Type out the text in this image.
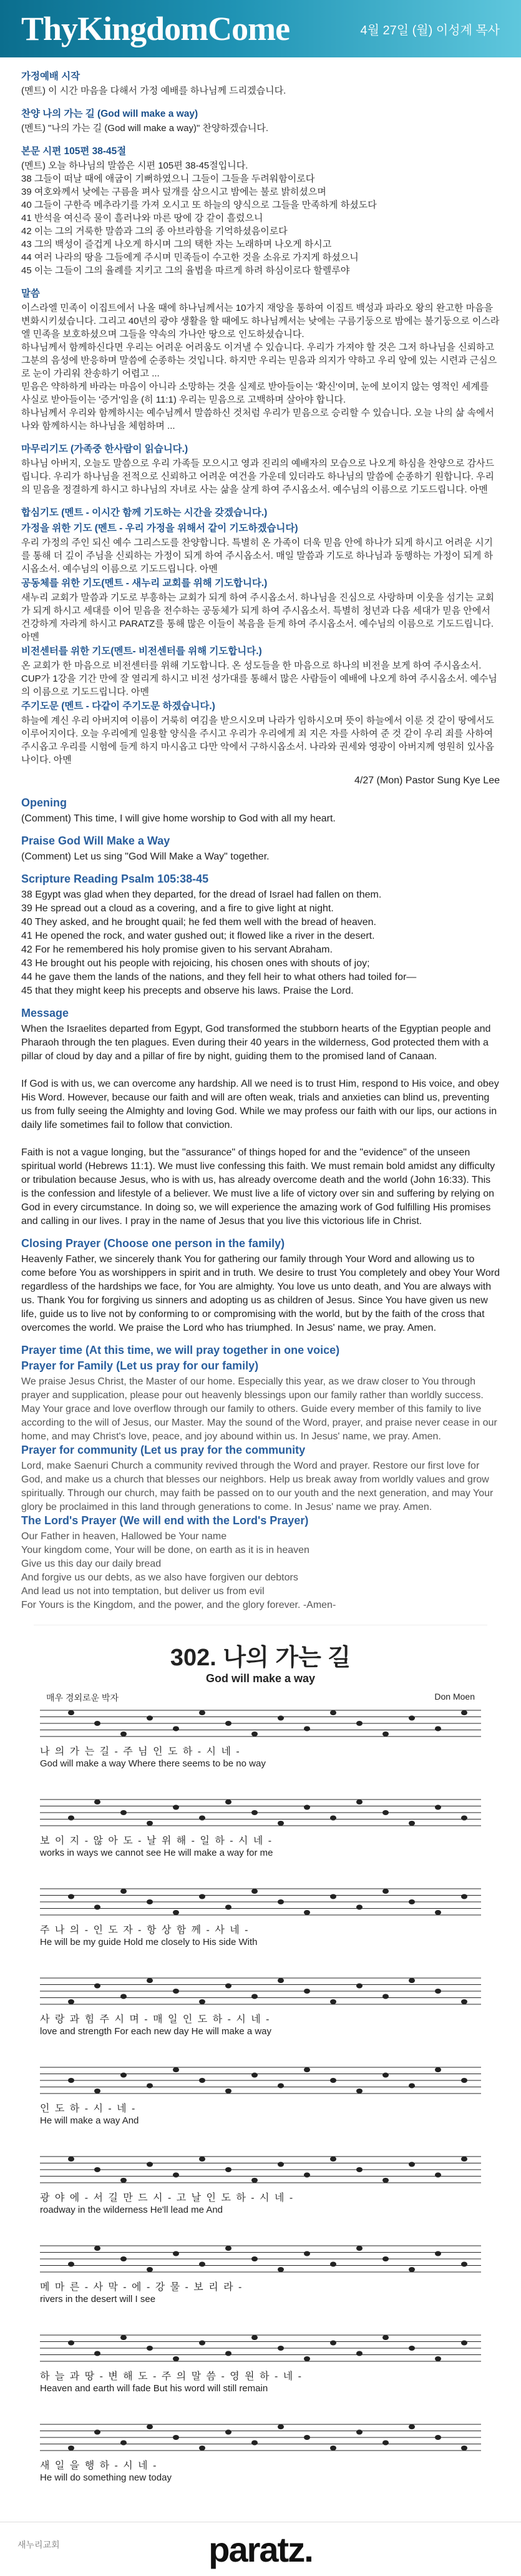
ThyKingdomCome	4월 27일 (월) 이성계 목사

가정예배 시작

(멘트) 이 시간 마음을 다해서 가정 예배를 하나님께 드리겠습니다.

찬양 나의 가는 길 (God will make a way)

(멘트) "나의 가는 길 (God will make a way)" 찬양하겠습니다.

본문 시편 105편 38-45절

(멘트) 오늘 하나님의 말씀은 시편 105편 38-45절입니다.
38 그들이 떠날 때에 애굽이 기뻐하였으니 그들이 그들을 두려워함이로다
39 여호와께서 낮에는 구름을 펴사 덮개를 삼으시고 밤에는 불로 밝히셨으며
40 그들이 구한즉 메추라기를 가져 오시고 또 하늘의 양식으로 그들을 만족하게 하셨도다
41 반석을 여신즉 물이 흘러나와 마른 땅에 강 같이 흘렀으니
42 이는 그의 거룩한 말씀과 그의 종 아브라함을 기억하셨음이로다
43 그의 백성이 즐겁게 나오게 하시며 그의 택한 자는 노래하며 나오게 하시고
44 여러 나라의 땅을 그들에게 주시며 민족들이 수고한 것을 소유로 가지게 하셨으니
45 이는 그들이 그의 율례를 지키고 그의 율법을 따르게 하려 하심이로다 할렐루야

말씀

이스라엘 민족이 이집트에서 나올 때에 하나님께서는 10가지 재앙을 통하여 이집트 백성과 파라오 왕의 완고한 마음을 변화시키셨습니다. 그리고 40년의 광야 생활을 할 때에도 하나님께서는 낮에는 구름기둥으로 밤에는 불기둥으로 이스라엘 민족을 보호하셨으며 그들을 약속의 가나안 땅으로 인도하셨습니다.
하나님께서 함께하신다면 우리는 어려운 어려움도 이겨낼 수 있습니다. 우리가 가져야 할 것은 그저 하나님을 신뢰하고 그분의 음성에 반응하며 말씀에 순종하는 것입니다. 하지만 우리는 믿음과 의지가 약하고 우리 앞에 있는 시련과 근심으로 눈이 가리워 찬송하기 어렵고 ...
믿음은 약하하게 바라는 마음이 아니라 소망하는 것을 실제로 받아들이는 '확신'이며, 눈에 보이지 않는 영적인 세계를 사실로 받아들이는 '증거'임을 (히 11:1) 우리는 믿음으로 고백하며 살아야 합니다.
하나님께서 우리와 함께하시는 예수님께서 말씀하신 것처럼 우리가 믿음으로 승리할 수 있습니다. 오늘 나의 삶 속에서 나와 함께하시는 하나님을 체험하며 ...

마무리기도 (가족중 한사람이 읽습니다.)

하나님 아버지, 오늘도 말씀으로 우리 가족들 모으시고 영과 진리의 예배자의 모습으로 나오게 하심을 찬양으로 감사드립니다. 우리가 하나님을 전적으로 신뢰하고 어려운 여건을 가운데 있더라도 하나님의 말씀에 순종하기 원합니다. 우리의 믿음을 정결하게 하시고 하나님의 자녀로 사는 삶을 살게 하여 주시옵소서. 예수님의 이름으로 기도드립니다. 아멘

합심기도 (멘트 - 이시간 함께 기도하는 시간을 갖겠습니다.)

가정을 위한 기도 (멘트 - 우리 가정을 위해서 같이 기도하겠습니다)

우리 가정의 주인 되신 예수 그리스도를 찬양합니다. 특별히 온 가족이 더욱 믿음 안에 하나가 되게 하시고 어려운 시기를 통해 더 깊이 주님을 신뢰하는 가정이 되게 하여 주시옵소서. 매일 말씀과 기도로 하나님과 동행하는 가정이 되게 하시옵소서. 예수님의 이름으로 기도드립니다. 아멘

공동체를 위한 기도(멘트 - 새누리 교회를 위해 기도합니다.)

새누리 교회가 말씀과 기도로 부흥하는 교회가 되게 하여 주시옵소서. 하나님을 진심으로 사랑하며 이웃을 섬기는 교회가 되게 하시고 세대를 이어 믿음을 전수하는 공동체가 되게 하여 주시옵소서. 특별히 청년과 다음 세대가 믿음 안에서 건강하게 자라게 하시고 PARATZ를 통해 많은 이들이 복음을 듣게 하여 주시옵소서. 예수님의 이름으로 기도드립니다. 아멘

비전센터를 위한 기도(멘트- 비전센터를 위해 기도합니다.)

온 교회가 한 마음으로 비전센터를 위해 기도합니다. 온 성도들을 한 마음으로 하나의 비전을 보게 하여 주시옵소서. CUP가 1강을 기간 만에 잘 열리게 하시고 비전 성가대를 통해서 많은 사람들이 예배에 나오게 하여 주시옵소서. 예수님의 이름으로 기도드립니다. 아멘

주기도문 (멘트 - 다같이 주기도문 하겠습니다.)

하늘에 계신 우리 아버지여 이름이 거룩히 여김을 받으시오며 나라가 임하시오며 뜻이 하늘에서 이룬 것 같이 땅에서도 이루어지이다. 오늘 우리에게 일용할 양식을 주시고 우리가 우리에게 죄 지은 자를 사하여 준 것 같이 우리 죄를 사하여 주시옵고 우리를 시험에 들게 하지 마시옵고 다만 악에서 구하시옵소서. 나라와 권세와 영광이 아버지께 영원히 있사옵나이다. 아멘

4/27 (Mon) Pastor Sung Kye Lee

Opening

(Comment) This time, I will give home worship to God with all my heart.

Praise God Will Make a Way

(Comment) Let us sing "God Will Make a Way" together.

Scripture Reading Psalm 105:38-45

38 Egypt was glad when they departed, for the dread of Israel had fallen on them.
39 He spread out a cloud as a covering, and a fire to give light at night.
40 They asked, and he brought quail; he fed them well with the bread of heaven.
41 He opened the rock, and water gushed out; it flowed like a river in the desert.
42 For he remembered his holy promise given to his servant Abraham.
43 He brought out his people with rejoicing, his chosen ones with shouts of joy;
44 he gave them the lands of the nations, and they fell heir to what others had toiled for—
45 that they might keep his precepts and observe his laws. Praise the Lord.

Message

When the Israelites departed from Egypt, God transformed the stubborn hearts of the Egyptian people and Pharaoh through the ten plagues. Even during their 40 years in the wilderness, God protected them with a pillar of cloud by day and a pillar of fire by night, guiding them to the promised land of Canaan.

If God is with us, we can overcome any hardship. All we need is to trust Him, respond to His voice, and obey His Word. However, because our faith and will are often weak, trials and anxieties can blind us, preventing us from fully seeing the Almighty and loving God. While we may profess our faith with our lips, our actions in daily life sometimes fail to follow that conviction.

Faith is not a vague longing, but the "assurance" of things hoped for and the "evidence" of the unseen spiritual world (Hebrews 11:1). We must live confessing this faith. We must remain bold amidst any difficulty or tribulation because Jesus, who is with us, has already overcome death and the world (John 16:33). This is the confession and lifestyle of a believer. We must live a life of victory over sin and suffering by relying on God in every circumstance. In doing so, we will experience the amazing work of God fulfilling His promises and calling in our lives. I pray in the name of Jesus that you live this victorious life in Christ.

Closing Prayer (Choose one person in the family)

Heavenly Father, we sincerely thank You for gathering our family through Your Word and allowing us to come before You as worshippers in spirit and in truth. We desire to trust You completely and obey Your Word regardless of the hardships we face, for You are almighty. You love us unto death, and You are always with us. Thank You for forgiving us sinners and adopting us as children of Jesus. Since You have given us new life, guide us to live not by conforming to or compromising with the world, but by the faith of the cross that overcomes the world. We praise the Lord who has triumphed. In Jesus' name, we pray. Amen.

Prayer time (At this time, we will pray together in one voice)

Prayer for Family (Let us pray for our family)

We praise Jesus Christ, the Master of our home. Especially this year, as we draw closer to You through prayer and supplication, please pour out heavenly blessings upon our family rather than worldly success. May Your grace and love overflow through our family to others. Guide every member of this family to live according to the will of Jesus, our Master. May the sound of the Word, prayer, and praise never cease in our home, and may Christ's love, peace, and joy abound within us. In Jesus' name, we pray. Amen.

Prayer for community (Let us pray for the community

Lord, make Saenuri Church a community revived through the Word and prayer. Restore our first love for God, and make us a church that blesses our neighbors. Help us break away from worldly values and grow spiritually. Through our church, may faith be passed on to our youth and the next generation, and may Your glory be proclaimed in this land through generations to come. In Jesus' name we pray. Amen.

The Lord's Prayer (We will end with the Lord's Prayer)

Our Father in heaven, Hallowed be Your name
Your kingdom come, Your will be done, on earth as it is in heaven
Give us this day our daily bread
And forgive us our debts, as we also have forgiven our debtors
And lead us not into temptation, but deliver us from evil
For Yours is the Kingdom, and the power, and the glory forever. -Amen-

302. 나의 가는 길
God will make a way
매우 경외로운 박자	Don Moen
나 의 가 는 길 - 주 님 인 도 하 - 시 네 -
God will make a way Where there seems to be no way
보 이 지 - 않 아 도 - 날 위 해 - 일 하 - 시 네 -
works in ways we cannot see He will make a way for me
주 나 의 - 인 도 자 - 항 상 함 께 - 사 네 -
He will be my guide Hold me closely to His side With
사 랑 과 힘 주 시 며 - 매 일 인 도 하 - 시 네 -
love and strength For each new day He will make a way
인 도 하 - 시 - 네 -
He will make a way And
광 야 에 - 서 길 만 드 시 - 고 날 인 도 하 - 시 네 -
roadway in the wilderness He'll lead me And
메 마 른 - 사 막 - 에 - 강 물 - 보 리 라 -
rivers in the desert will I see
하 늘 과 땅 - 변 해 도 - 주 의 말 씀 - 영 원 하 - 네 -
Heaven and earth will fade But his word will still remain
새 일 을 행 하 - 시 네 -
He will do something new today
새누리교회	paratz.
